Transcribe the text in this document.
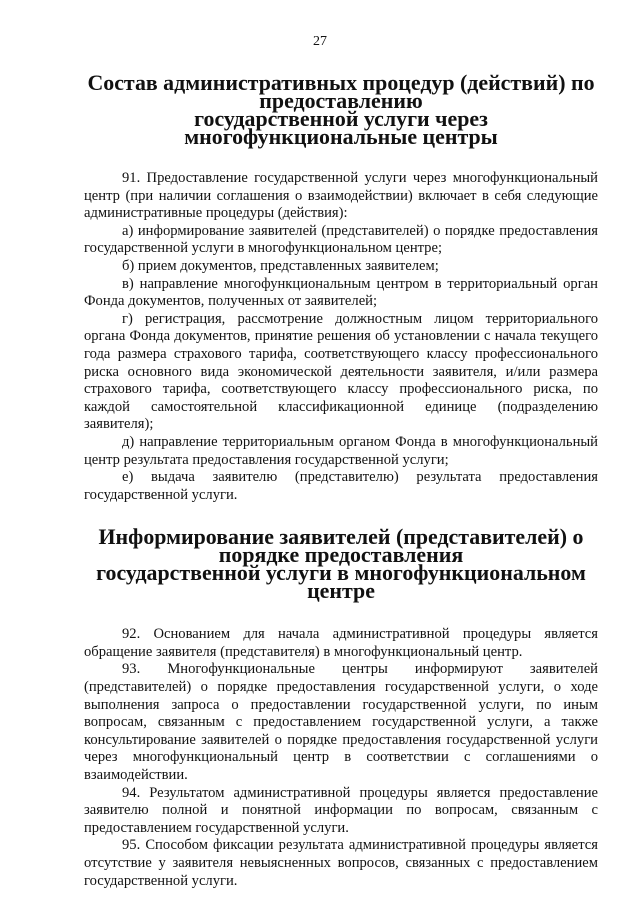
27
Состав административных процедур (действий) по предоставлению
государственной услуги через многофункциональные центры

91. Предоставление государственной услуги через многофункциональный центр (при наличии соглашения о взаимодействии) включает в себя следующие административные процедуры (действия):

а) информирование заявителей (представителей) о порядке предоставления государственной услуги в многофункциональном центре;

б) прием документов, представленных заявителем;

в) направление многофункциональным центром в территориальный орган Фонда документов, полученных от заявителей;

г) регистрация, рассмотрение должностным лицом территориального органа Фонда документов, принятие решения об установлении с начала текущего года размера страхового тарифа, соответствующего классу профессионального риска основного вида экономической деятельности заявителя, и/или размера страхового тарифа, соответствующего классу профессионального риска, по каждой самостоятельной классификационной единице (подразделению заявителя);

д) направление территориальным органом Фонда в многофункциональный центр результата предоставления государственной услуги;

е) выдача заявителю (представителю) результата предоставления государственной услуги.

Информирование заявителей (представителей) о порядке предоставления
государственной услуги в многофункциональном центре

92. Основанием для начала административной процедуры является обращение заявителя (представителя) в многофункциональный центр.

93. Многофункциональные центры информируют заявителей (представителей) о порядке предоставления государственной услуги, о ходе выполнения запроса о предоставлении государственной услуги, по иным вопросам, связанным с предоставлением государственной услуги, а также консультирование заявителей о порядке предоставления государственной услуги через многофункциональный центр в соответствии с соглашениями о взаимодействии.

94. Результатом административной процедуры является предоставление заявителю полной и понятной информации по вопросам, связанным с предоставлением государственной услуги.

95. Способом фиксации результата административной процедуры является отсутствие у заявителя невыясненных вопросов, связанных с предоставлением государственной услуги.
